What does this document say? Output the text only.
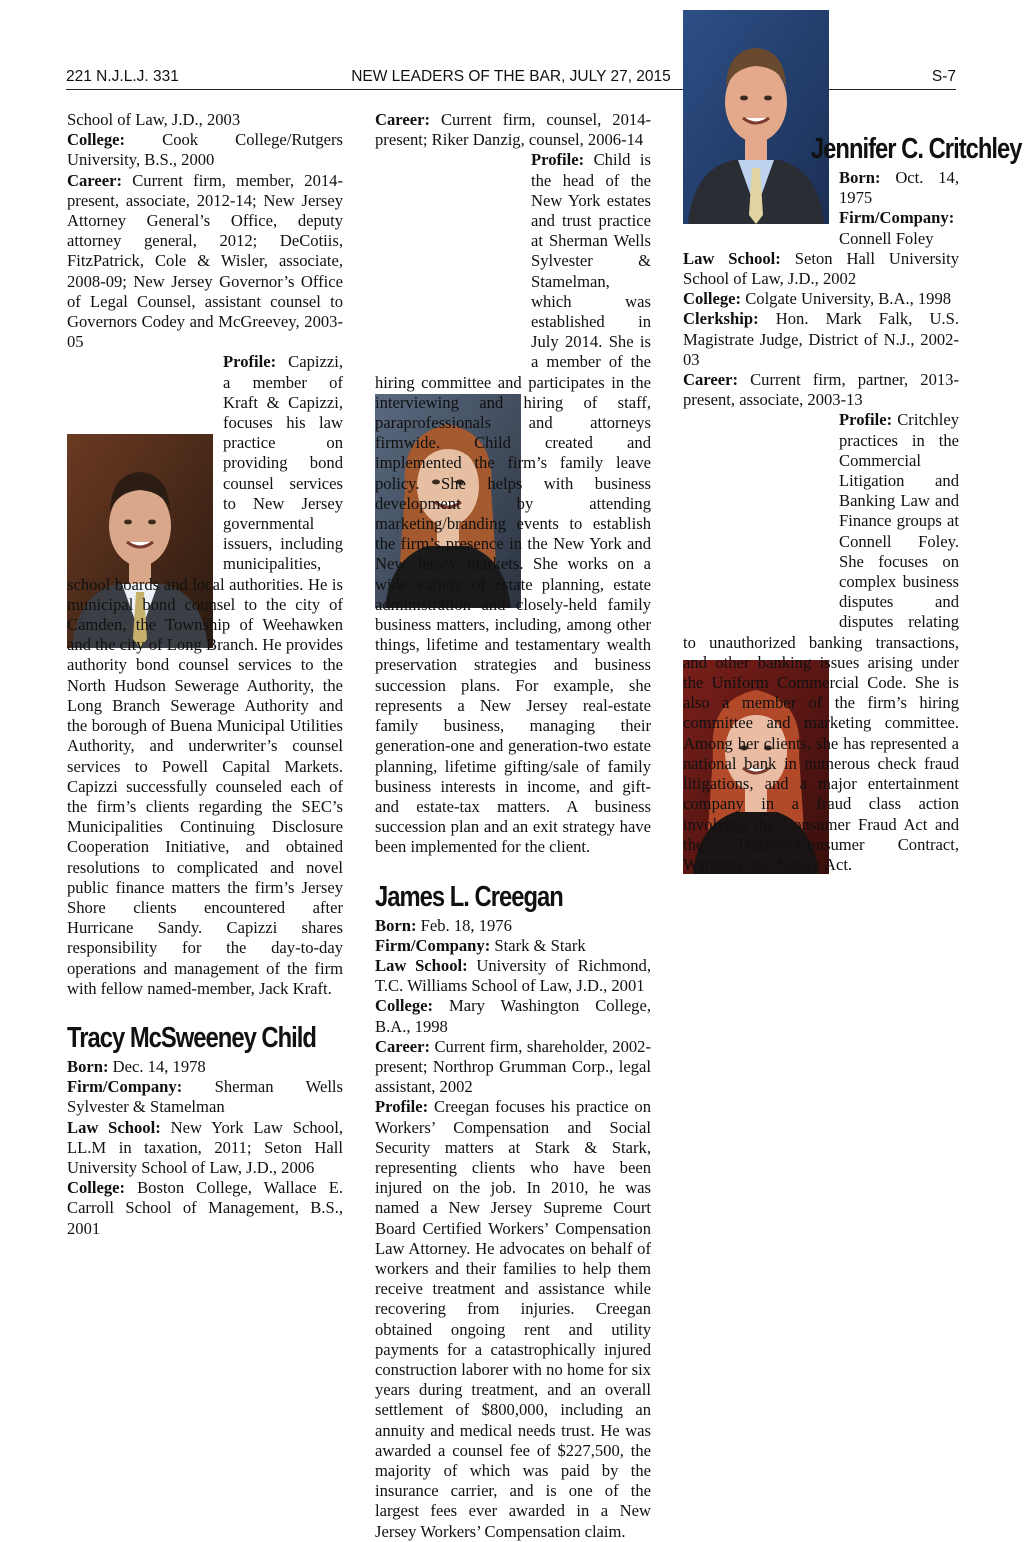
221 N.J.L.J. 331	NEW LEADERS OF THE BAR, JULY 27, 2015	S-7

School of Law, J.D., 2003

College: Cook College/Rutgers University, B.S., 2000

Career: Current firm, member, 2014-present, associate, 2012-14; New Jersey Attorney General’s Office, deputy attorney general, 2012; DeCotiis, FitzPatrick, Cole & Wisler, associate, 2008-09; New Jersey Governor’s Office of Legal Counsel, assistant counsel to Governors Codey and McGreevey, 2003-05

Profile: Capizzi, a member of Kraft & Capizzi, focuses his law practice on providing bond counsel services to New Jersey governmental issuers, including municipalities, school boards and local authorities. He is municipal bond counsel to the city of Camden, the Township of Weehawken and the city of Long Branch. He provides authority bond counsel services to the North Hudson Sewerage Authority, the Long Branch Sewerage Authority and the borough of Buena Municipal Utilities Authority, and underwriter’s counsel services to Powell Capital Markets. Capizzi successfully counseled each of the firm’s clients regarding the SEC’s Municipalities Continuing Disclosure Cooperation Initiative, and obtained resolutions to complicated and novel public finance matters the firm’s Jersey Shore clients encountered after Hurricane Sandy. Capizzi shares responsibility for the day-to-day operations and management of the firm with fellow named-member, Jack Kraft.

Tracy McSweeney Child

Born: Dec. 14, 1978

Firm/Company: Sherman Wells Sylvester & Stamelman

Law School: New York Law School, LL.M in taxation, 2011; Seton Hall University School of Law, J.D., 2006

College: Boston College, Wallace E. Carroll School of Management, B.S., 2001

Career: Current firm, counsel, 2014-present; Riker Danzig, counsel, 2006-14

Profile: Child is the head of the New York estates and trust practice at Sherman Wells Sylvester & Stamelman, which was established in July 2014. She is a member of the hiring committee and participates in the interviewing and hiring of staff, paraprofessionals and attorneys firmwide. Child created and implemented the firm’s family leave policy. She helps with business development by attending marketing/branding events to establish the firm’s presence in the New York and New Jersey markets. She works on a wide variety of estate planning, estate administration and closely-held family business matters, including, among other things, lifetime and testamentary wealth preservation strategies and business succession plans. For example, she represents a New Jersey real-estate family business, managing their generation-one and generation-two estate planning, lifetime gifting/sale of family business interests in income, and gift- and estate-tax matters. A business succession plan and an exit strategy have been implemented for the client.

James L. Creegan

Born: Feb. 18, 1976

Firm/Company: Stark & Stark

Law School: University of Richmond, T.C. Williams School of Law, J.D., 2001

College: Mary Washington College, B.A., 1998

Career: Current firm, shareholder, 2002-present; Northrop Grumman Corp., legal assistant, 2002

Profile: Creegan focuses his practice on Workers’ Compensation and Social Security matters at Stark & Stark, representing clients who have been injured on the job. In 2010, he was named a New Jersey Supreme Court Board Certified Workers’ Compensation Law Attorney. He advocates on behalf of workers and their families to help them receive treatment and assistance while recovering from injuries. Creegan obtained ongoing rent and utility payments for a catastrophically injured construction laborer with no home for six years during treatment, and an overall settlement of $800,000, including an annuity and medical needs trust. He was awarded a counsel fee of $227,500, the majority of which was paid by the insurance carrier, and is one of the largest fees ever awarded in a New Jersey Workers’ Compensation claim.

Jennifer C. Critchley

Born: Oct. 14, 1975

Firm/Company: Connell Foley

Law School: Seton Hall University School of Law, J.D., 2002

College: Colgate University, B.A., 1998

Clerkship: Hon. Mark Falk, U.S. Magistrate Judge, District of N.J., 2002-03

Career: Current firm, partner, 2013-present, associate, 2003-13

Profile: Critchley practices in the Commercial Litigation and Banking Law and Finance groups at Connell Foley. She focuses on complex business disputes and disputes relating to unauthorized banking transactions, and other banking issues arising under the Uniform Commercial Code. She is also a member of the firm’s hiring committee and marketing committee. Among her clients, she has represented a national bank in numerous check fraud litigations, and a major entertainment company in a fraud class action involving the Consumer Fraud Act and the Truth-in-Consumer Contract, Warranty and Notice Act.
